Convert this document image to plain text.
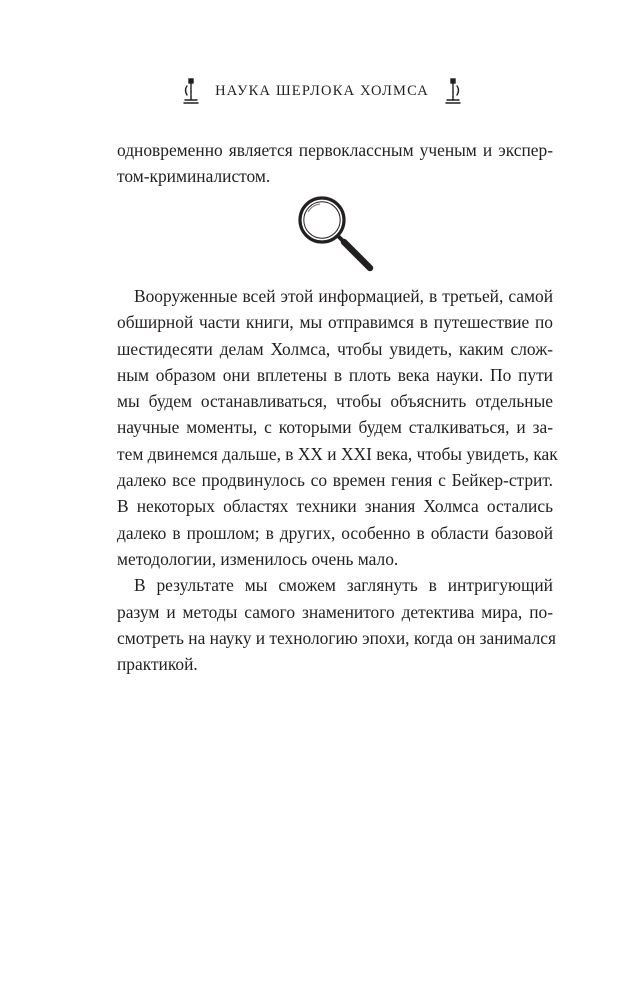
НАУКА ШЕРЛОКА ХОЛМСА
одновременно является первоклассным ученым и экспер-
том-криминалистом.
Вооруженные всей этой информацией, в третьей, самой
обширной части книги, мы отправимся в путешествие по
шестидесяти делам Холмса, чтобы увидеть, каким слож-
ным образом они вплетены в плоть века науки. По пути
мы будем останавливаться, чтобы объяснить отдельные
научные моменты, с которыми будем сталкиваться, и за-
тем двинемся дальше, в XX и XXI века, чтобы увидеть, как
далеко все продвинулось со времен гения с Бейкер-стрит.
В некоторых областях техники знания Холмса остались
далеко в прошлом; в других, особенно в области базовой
методологии, изменилось очень мало.
В результате мы сможем заглянуть в интригующий
разум и методы самого знаменитого детектива мира, по-
смотреть на науку и технологию эпохи, когда он занимался
практикой.
